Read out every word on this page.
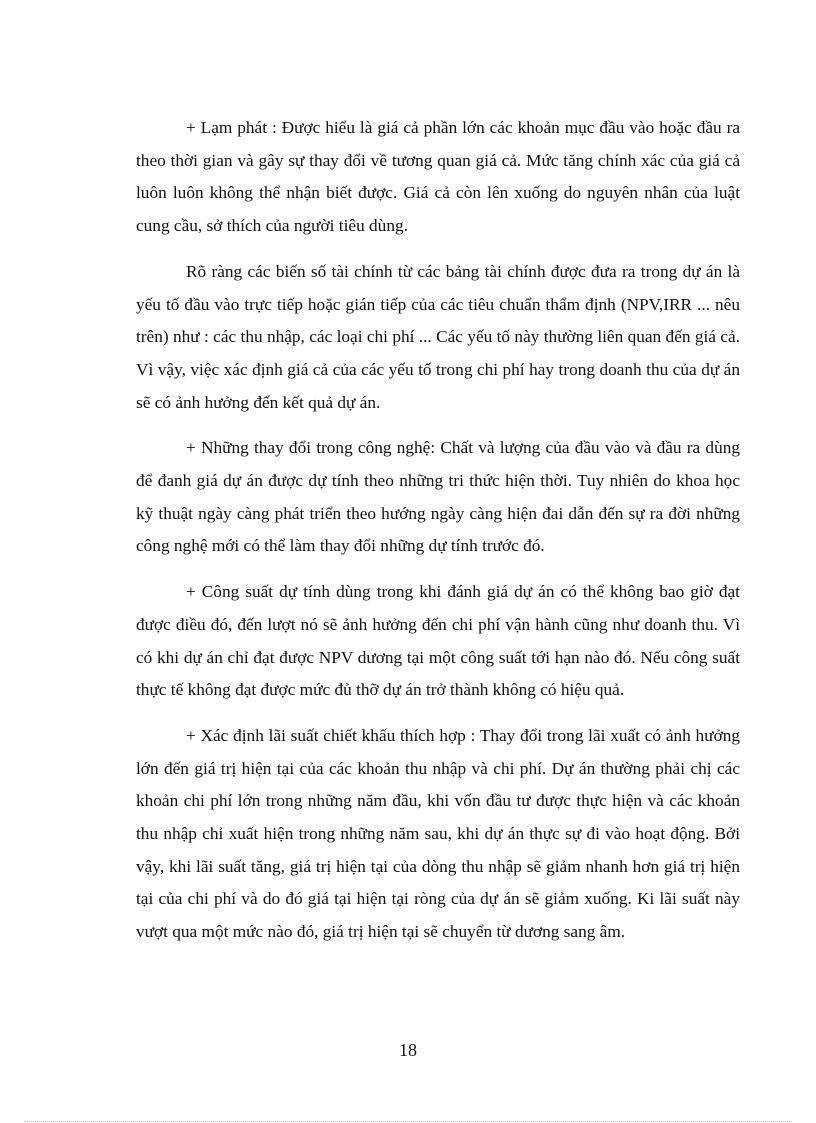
+ Lạm phát : Được hiểu là giá cả phần lớn các khoản mục đầu vào hoặc đầu ra theo thời gian và gây sự thay đổi về tương quan giá cả. Mức tăng chính xác của giá cả luôn luôn không thể nhận biết được. Giá cả còn lên xuống do nguyên nhân của luật cung cầu, sở thích của người tiêu dùng.

Rõ ràng các biến số tài chính từ các bảng tài chính được đưa ra trong dự án là yếu tố đầu vào trực tiếp hoặc gián tiếp của các tiêu chuẩn thẩm định (NPV,IRR ... nêu trên) như : các thu nhập, các loại chi phí ... Các yếu tố này thường liên quan đến giá cả. Vì vậy, việc xác định giá cả của các yếu tố trong chi phí hay trong doanh thu của dự án sẽ có ảnh hưởng đến kết quả dự án.

+ Những thay đổi trong công nghệ: Chất và lượng của đầu vào và đầu ra dùng để đanh giá dự án được dự tính theo những tri thức hiện thời. Tuy nhiên do khoa học kỹ thuật ngày càng phát triển theo hướng ngày càng hiện đai dẫn đến sự ra đời những công nghệ mới có thể làm thay đổi những dự tính trước đó.

+ Công suất dự tính dùng trong khi đánh giá dự án có thể không bao giờ đạt được điều đó, đến lượt nó sẽ ảnh hưởng đến chi phí vận hành cũng như doanh thu. Vì có khi dự án chỉ đạt được NPV dương tại một công suất tới hạn nào đó. Nếu công suất thực tế không đạt được mức đủ thỡ dự án trở thành không có hiệu quả.

+ Xác định lãi suất chiết khấu thích hợp : Thay đổi trong lãi xuất có ảnh hưởng lớn đến giá trị hiện tại của các khoản thu nhập và chi phí. Dự án thường phải chị các khoản chi phí lớn trong những năm đầu, khi vốn đầu tư được thực hiện và các khoản thu nhập chỉ xuất hiện trong những năm sau, khi dự án thực sự đi vào hoạt động. Bởi vậy, khi lãi suất tăng, giá trị hiện tại của dòng thu nhập sẽ giảm nhanh hơn giá trị hiện tại của chi phí và do đó giá tại hiện tại ròng của dự án sẽ giảm xuống. Ki lãi suất này vượt qua một mức nào đó, giá trị hiện tại sẽ chuyển từ dương sang âm.

18
